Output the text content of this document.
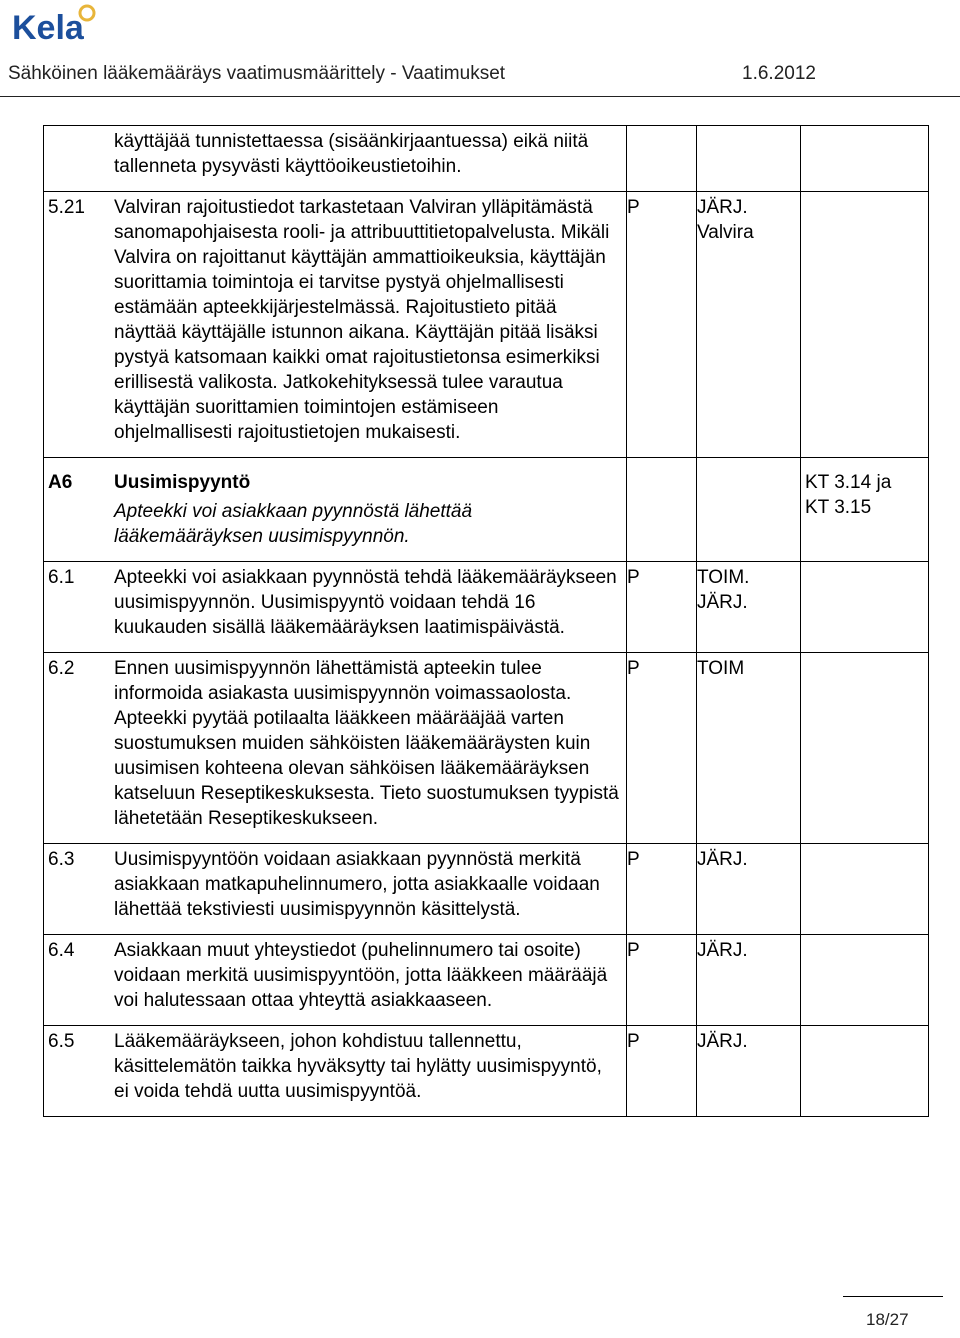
Kela
Sähköinen lääkemääräys vaatimusmäärittely - Vaatimukset	1.6.2012
käyttäjää tunnistettaessa (sisäänkirjaantuessa) eikä niitä tallenneta pysyvästi käyttöoikeustietoihin.			

5.21 Valviran rajoitustiedot tarkastetaan Valviran ylläpitämästä sanomapohjaisesta rooli- ja attribuuttitietopalvelusta. Mikäli Valvira on rajoittanut käyttäjän ammattioikeuksia, käyttäjän suorittamia toimintoja ei tarvitse pystyä ohjelmallisesti estämään apteekkijärjestelmässä. Rajoitustieto pitää näyttää käyttäjälle istunnon aikana. Käyttäjän pitää lisäksi pystyä katsomaan kaikki omat rajoitustietonsa esimerkiksi erillisestä valikosta. Jatkokehityksessä tulee varautua käyttäjän suorittamien toimintojen estämiseen ohjelmallisesti rajoitustietojen mukaisesti.	P	JÄRJ. Valvira	

A6 Uusimispyyntö
Apteekki voi asiakkaan pyynnöstä lähettää lääkemääräyksen uusimispyynnön.			KT 3.14 ja KT 3.15

6.1 Apteekki voi asiakkaan pyynnöstä tehdä lääkemääräykseen uusimispyynnön. Uusimispyyntö voidaan tehdä 16 kuukauden sisällä lääkemääräyksen laatimispäivästä.	P	TOIM. JÄRJ.	

6.2 Ennen uusimispyynnön lähettämistä apteekin tulee informoida asiakasta uusimispyynnön voimassaolosta. Apteekki pyytää potilaalta lääkkeen määrääjää varten suostumuksen muiden sähköisten lääkemääräysten kuin uusimisen kohteena olevan sähköisen lääkemääräyksen katseluun Reseptikeskuksesta. Tieto suostumuksen tyypistä lähetetään Reseptikeskukseen.	P	TOIM	

6.3 Uusimispyyntöön voidaan asiakkaan pyynnöstä merkitä asiakkaan matkapuhelinnumero, jotta asiakkaalle voidaan lähettää tekstiviesti uusimispyynnön käsittelystä.	P	JÄRJ.	

6.4 Asiakkaan muut yhteystiedot (puhelinnumero tai osoite) voidaan merkitä uusimispyyntöön, jotta lääkkeen määrääjä voi halutessaan ottaa yhteyttä asiakkaaseen.	P	JÄRJ.	

6.5 Lääkemääräykseen, johon kohdistuu tallennettu, käsittelemätön taikka hyväksytty tai hylätty uusimispyyntö, ei voida tehdä uutta uusimispyyntöä.	P	JÄRJ.	
18/27
